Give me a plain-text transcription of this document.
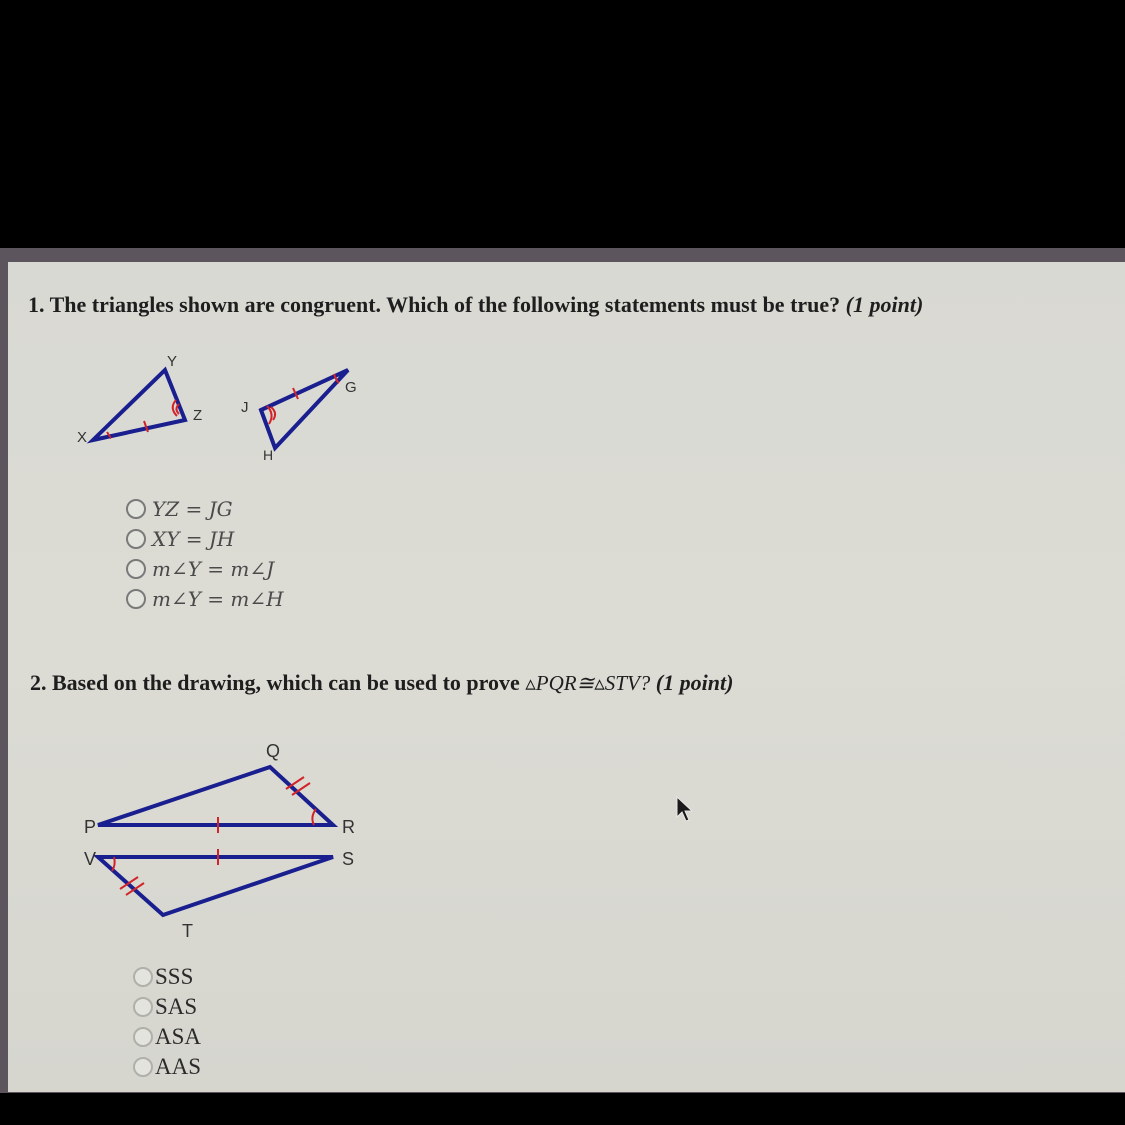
1. The triangles shown are congruent. Which of the following statements must be true? (1 point)
X
Y
Z	J
G
H
YZ = JG
XY = JH
m∠Y = m∠J
m∠Y = m∠H
2. Based on the drawing, which can be used to prove ▵PQR≅▵STV? (1 point)
Q
P	R
V	S
T
SSS
SAS
ASA
AAS
